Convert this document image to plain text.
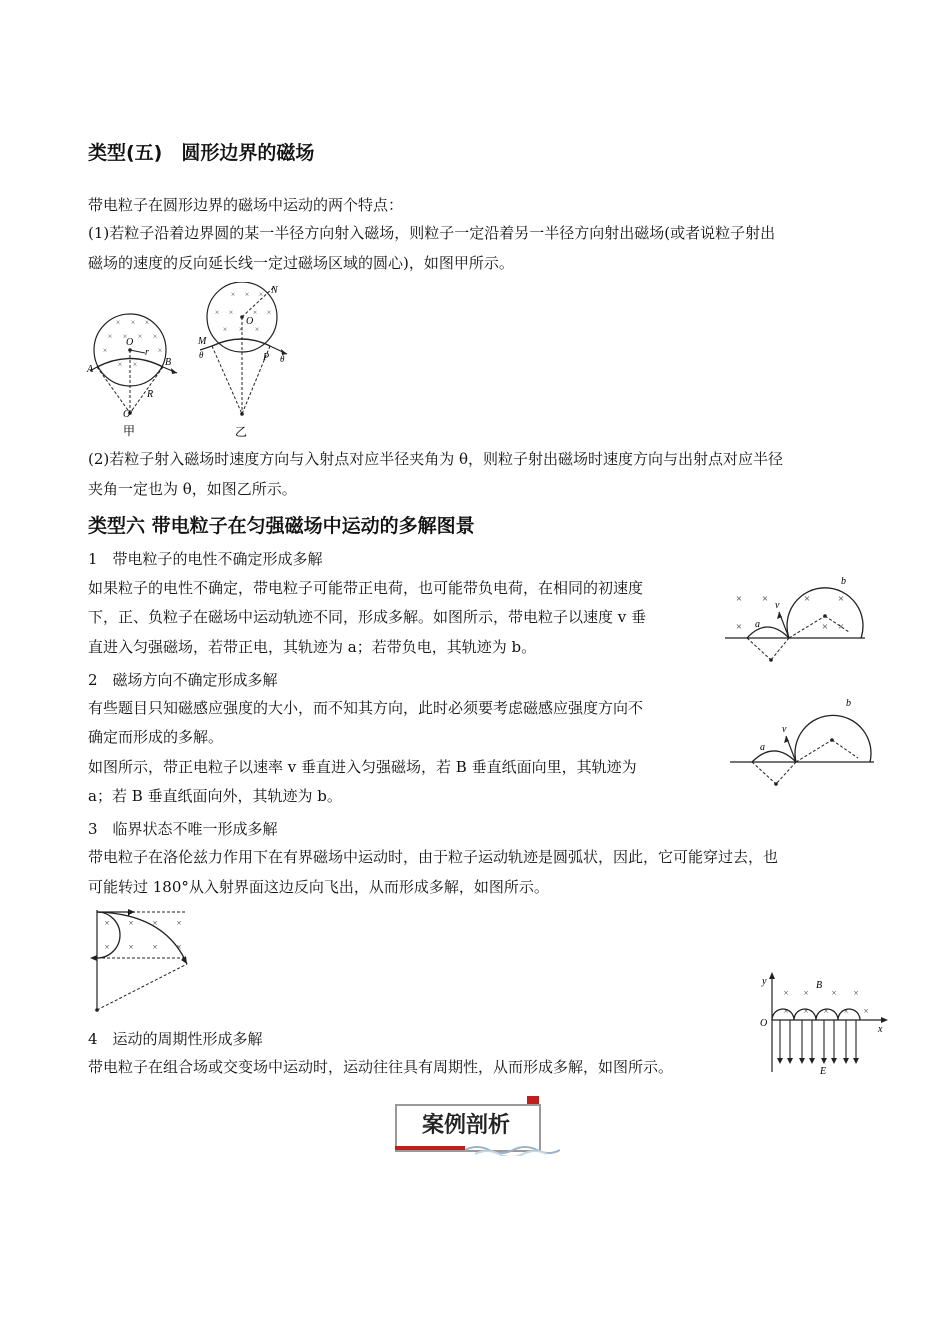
类型(五)　圆形边界的磁场
带电粒子在圆形边界的磁场中运动的两个特点：
(1)若粒子沿着边界圆的某一半径方向射入磁场，则粒子一定沿着另一半径方向射出磁场(或者说粒子射出
磁场的速度的反向延长线一定过磁场区域的圆心)，如图甲所示。
× × ×
× × × ×
×	×
× ×
O
r
A
B
R
O′
甲
× × ×
× × × ×
× × ×
N
O
M
θ	P θ
乙
(2)若粒子射入磁场时速度方向与入射点对应半径夹角为 θ，则粒子射出磁场时速度方向与出射点对应半径
夹角一定也为 θ，如图乙所示。
类型六 带电粒子在匀强磁场中运动的多解图景
1　带电粒子的电性不确定形成多解
如果粒子的电性不确定，带电粒子可能带正电荷，也可能带负电荷，在相同的初速度
下，正、负粒子在磁场中运动轨迹不同，形成多解。如图所示，带电粒子以速度 v 垂
直进入匀强磁场，若带正电，其轨迹为 a；若带负电，其轨迹为 b。
× ×	×	×
×	× ×
a
b
v
2　磁场方向不确定形成多解
有些题目只知磁感应强度的大小，而不知其方向，此时必须要考虑磁感应强度方向不
确定而形成的多解。
如图所示，带正电粒子以速率 v 垂直进入匀强磁场，若 B 垂直纸面向里，其轨迹为
a；若 B 垂直纸面向外，其轨迹为 b。
a
b
v
3　临界状态不唯一形成多解
带电粒子在洛伦兹力作用下在有界磁场中运动时，由于粒子运动轨迹是圆弧状，因此，它可能穿过去，也
可能转过 180°从入射界面这边反向飞出，从而形成多解，如图所示。
× × × ×
× × × ×
v
4　运动的周期性形成多解
带电粒子在组合场或交变场中运动时，运动往往具有周期性，从而形成多解，如图所示。
× ×	× ×
× × × × ×
y
x
O
B
E
案例剖析
